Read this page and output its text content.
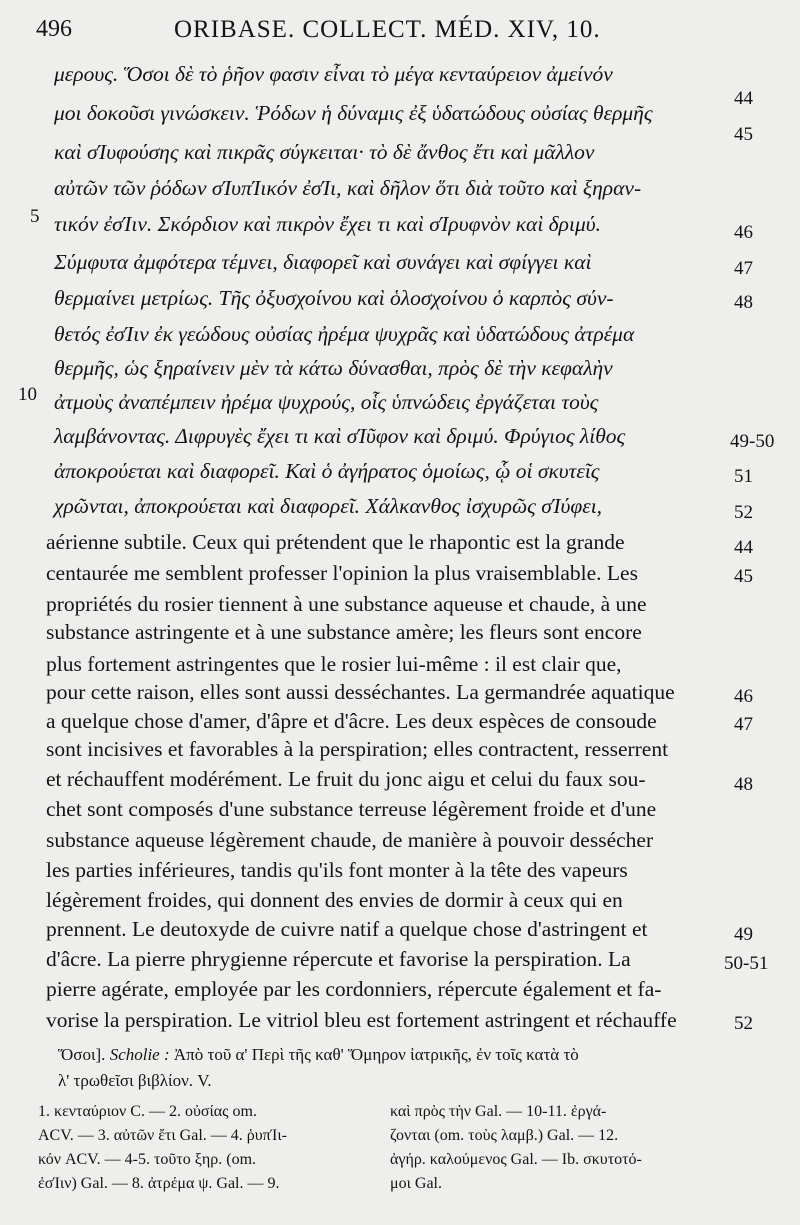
496	ORIBASE. COLLECT. MÉD. XIV, 10.
μερους. Ὅσοι δὲ τὸ ῥῆον φασιν εἶναι τὸ μέγα κενταύρειον ἀμείνόν
μοι δοκοῦσι γινώσκειν. Ῥόδων ἡ δύναμις ἐξ ὑδατώδους οὐσίας θερμῆς
καὶ σΊυφούσης καὶ πικρᾶς σύγκειται· τὸ δὲ ἄνθος ἔτι καὶ μᾶλλον
αὐτῶν τῶν ῥόδων σΊυπΊικόν ἐσΊι, καὶ δῆλον ὅτι διὰ τοῦτο καὶ ξηραν-
τικόν ἐσΊιν. Σκόρδιον καὶ πικρὸν ἔχει τι καὶ σΊρυφνὸν καὶ δριμύ.
Σύμφυτα ἀμφότερα τέμνει, διαφορεῖ καὶ συνάγει καὶ σφίγγει καὶ
θερμαίνει μετρίως. Τῆς ὀξυσχοίνου καὶ ὁλοσχοίνου ὁ καρπὸς σύν-
θετός ἐσΊιν ἐκ γεώδους οὐσίας ἠρέμα ψυχρᾶς καὶ ὑδατώδους ἀτρέμα
θερμῆς, ὡς ξηραίνειν μὲν τὰ κάτω δύνασθαι, πρὸς δὲ τὴν κεφαλὴν
ἀτμοὺς ἀναπέμπειν ἠρέμα ψυχρούς, οἷς ὑπνώδεις ἐργάζεται τοὺς
λαμβάνοντας. Διφρυγὲς ἔχει τι καὶ σΊῦφον καὶ δριμύ. Φρύγιος λίθος
ἀποκρούεται καὶ διαφορεῖ. Καὶ ὁ ἀγήρατος ὁμοίως, ᾧ οἱ σκυτεῖς
χρῶνται, ἀποκρούεται καὶ διαφορεῖ. Χάλκανθος ἰσχυρῶς σΊύφει,
44
45
46
47
48
49-50
51
52
5
10
aérienne subtile. Ceux qui prétendent que le rhapontic est la grande
centaurée me semblent professer l'opinion la plus vraisemblable. Les
propriétés du rosier tiennent à une substance aqueuse et chaude, à une
substance astringente et à une substance amère; les fleurs sont encore
plus fortement astringentes que le rosier lui-même : il est clair que,
pour cette raison, elles sont aussi desséchantes. La germandrée aquatique
a quelque chose d'amer, d'âpre et d'âcre. Les deux espèces de consoude
sont incisives et favorables à la perspiration; elles contractent, resserrent
et réchauffent modérément. Le fruit du jonc aigu et celui du faux sou-
chet sont composés d'une substance terreuse légèrement froide et d'une
substance aqueuse légèrement chaude, de manière à pouvoir dessécher
les parties inférieures, tandis qu'ils font monter à la tête des vapeurs
légèrement froides, qui donnent des envies de dormir à ceux qui en
prennent. Le deutoxyde de cuivre natif a quelque chose d'astringent et
d'âcre. La pierre phrygienne répercute et favorise la perspiration. La
pierre agérate, employée par les cordonniers, répercute également et fa-
vorise la perspiration. Le vitriol bleu est fortement astringent et réchauffe
44
45
46
47
48
49
50-51
52
Ὅσοι]. Scholie : Ἀπὸ τοῦ α' Περὶ τῆς καθ' Ὅμηρον ἰατρικῆς, ἐν τοῖς κατὰ τὸ
λ' τρωθεῖσι βιβλίον. V.
1. κενταύριον C. — 2. οὐσίας om.
ACV. — 3. αὐτῶν ἔτι Gal. — 4. ῥυπΊι-
κόν ACV. — 4-5. τοῦτο ξηρ. (om.
ἐσΊιν) Gal. — 8. ἀτρέμα ψ. Gal. — 9.
καὶ πρὸς τὴν Gal. — 10-11. ἐργά-
ζονται (om. τοὺς λαμβ.) Gal. — 12.
ἀγήρ. καλούμενος Gal. — Ib. σκυτοτό-
μοι Gal.
